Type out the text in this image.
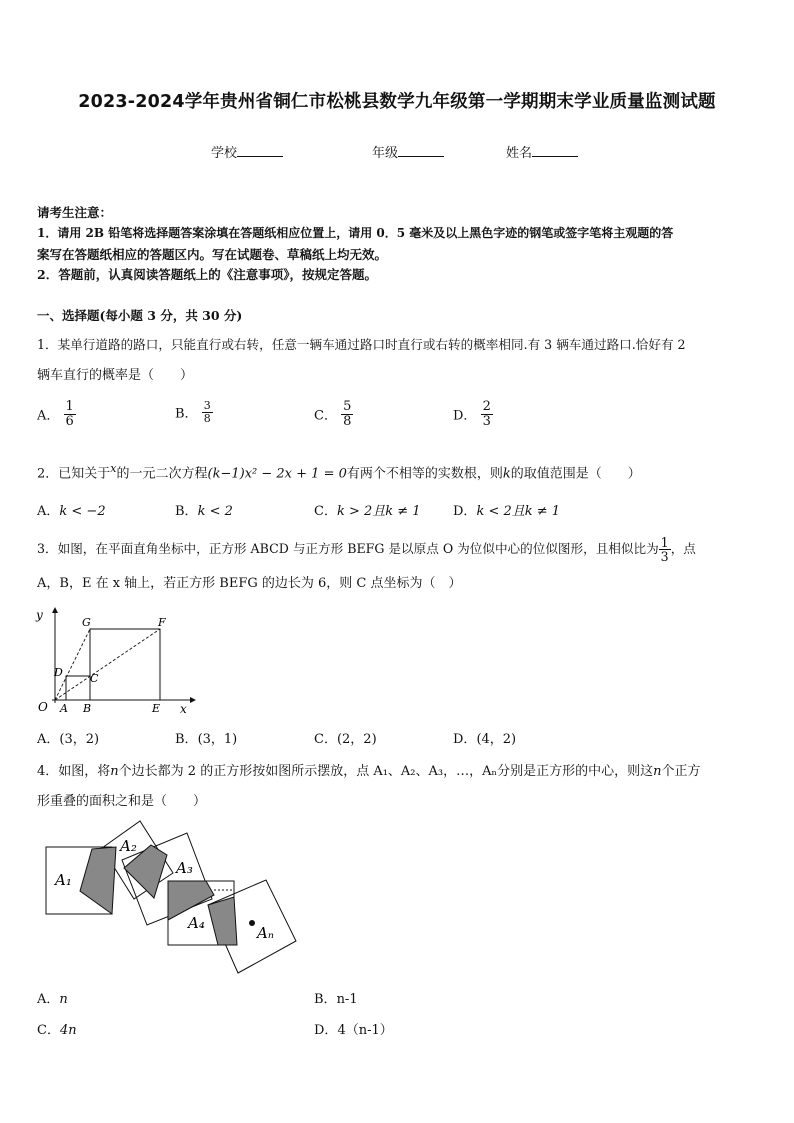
2023-2024学年贵州省铜仁市松桃县数学九年级第一学期期末学业质量监测试题
学校	年级	姓名
请考生注意：
1．请用 2B 铅笔将选择题答案涂填在答题纸相应位置上，请用 0．5 毫米及以上黑色字迹的钢笔或签字笔将主观题的答
案写在答题纸相应的答题区内。写在试题卷、草稿纸上均无效。
2．答题前，认真阅读答题纸上的《注意事项》，按规定答题。
一、选择题(每小题 3 分，共 30 分)
1．某单行道路的路口，只能直行或右转，任意一辆车通过路口时直行或右转的概率相同.有 3 辆车通过路口.恰好有 2
辆车直行的概率是（　　）
A． $\frac{1}{6}$	B． $\frac{3}{8}$	C． $\frac{5}{8}$	D． $\frac{2}{3}$
2．已知关于$^x$的一元二次方程(k−1)x² − 2x + 1 = 0有两个不相等的实数根，则k的取值范围是（　　）
A．k < −2	B．k < 2	C．k > 2且k ≠ 1 D．k < 2且k ≠ 1
3．如图，在平面直角坐标中，正方形 ABCD 与正方形 BEFG 是以原点 O 为位似中心的位似图形，且相似比为 $\frac{1}{3}$ ，点
A，B，E 在 x 轴上，若正方形 BEFG 的边长为 6，则 C 点坐标为（　）
y
x
O A B	E
C
D
G	F
A．(3，2)	B．(3，1)	C．(2，2)	D．(4，2)
4．如图，将n个边长都为 2 的正方形按如图所示摆放，点 A₁、A₂、A₃，…，Aₙ分别是正方形的中心，则这n个正方
形重叠的面积之和是（　　）
A₁
A₂
A₃
A₄
Aₙ
A．n	B．n-1
C．4n	D．4（n-1）
